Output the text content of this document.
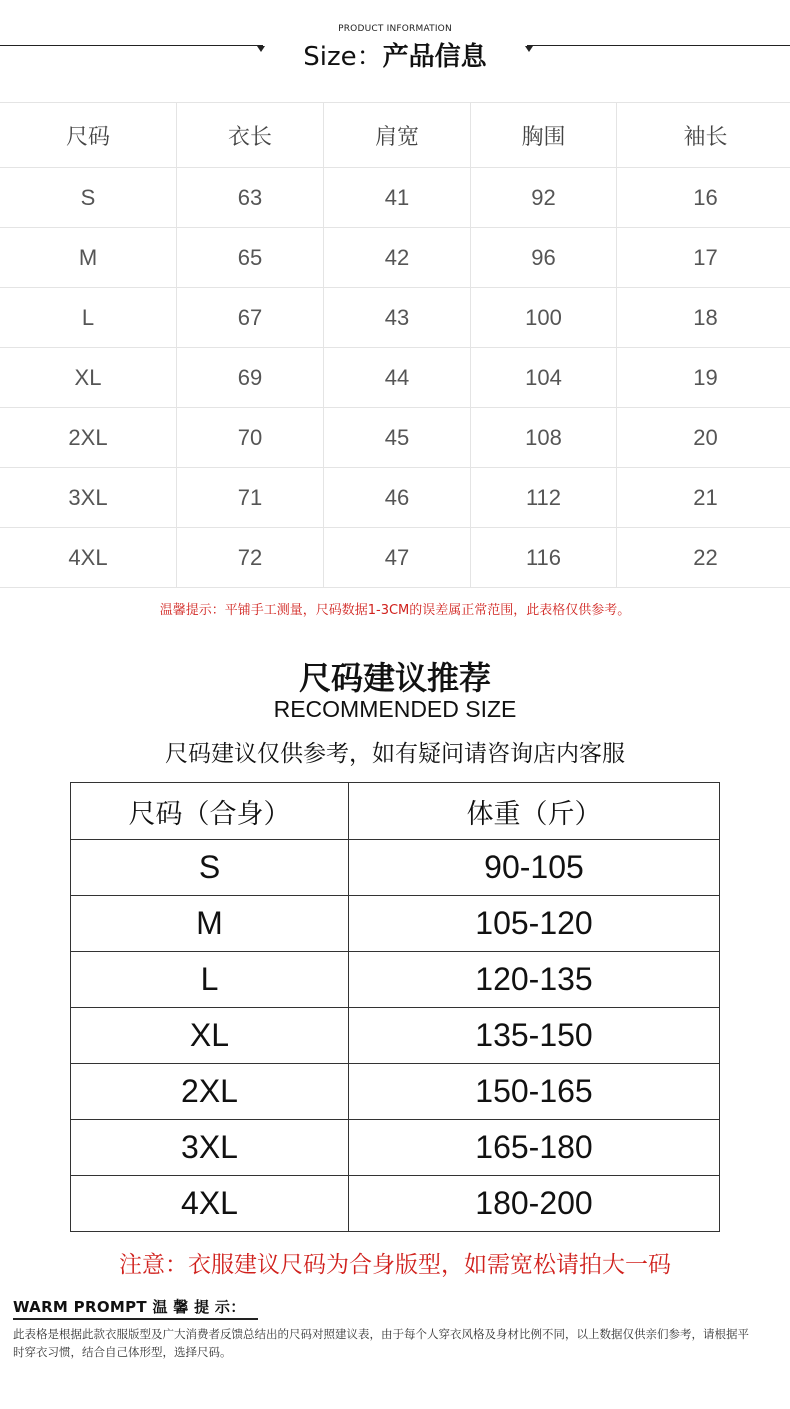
PRODUCT INFORMATION
Size：产品信息
尺码	衣长	肩宽	胸围	袖长
S	63	41	92	16
M	65	42	96	17
L	67	43	100	18
XL	69	44	104	19
2XL	70	45	108	20
3XL	71	46	112	21
4XL	72	47	116	22
温馨提示：平铺手工测量，尺码数据1-3CM的误差属正常范围，此表格仅供参考。
尺码建议推荐
RECOMMENDED SIZE
尺码建议仅供参考，如有疑问请咨询店内客服
尺码（合身）	体重（斤）
S	90-105
M	105-120
L	120-135
XL	135-150
2XL	150-165
3XL	165-180
4XL	180-200
注意：衣服建议尺码为合身版型，如需宽松请拍大一码
WARM PROMPT 温 馨 提 示：
此表格是根据此款衣服版型及广大消费者反馈总结出的尺码对照建议表，由于每个人穿衣风格及身材比例不同，以上数据仅供亲们参考，请根据平时穿衣习惯，结合自己体形型，选择尺码。
